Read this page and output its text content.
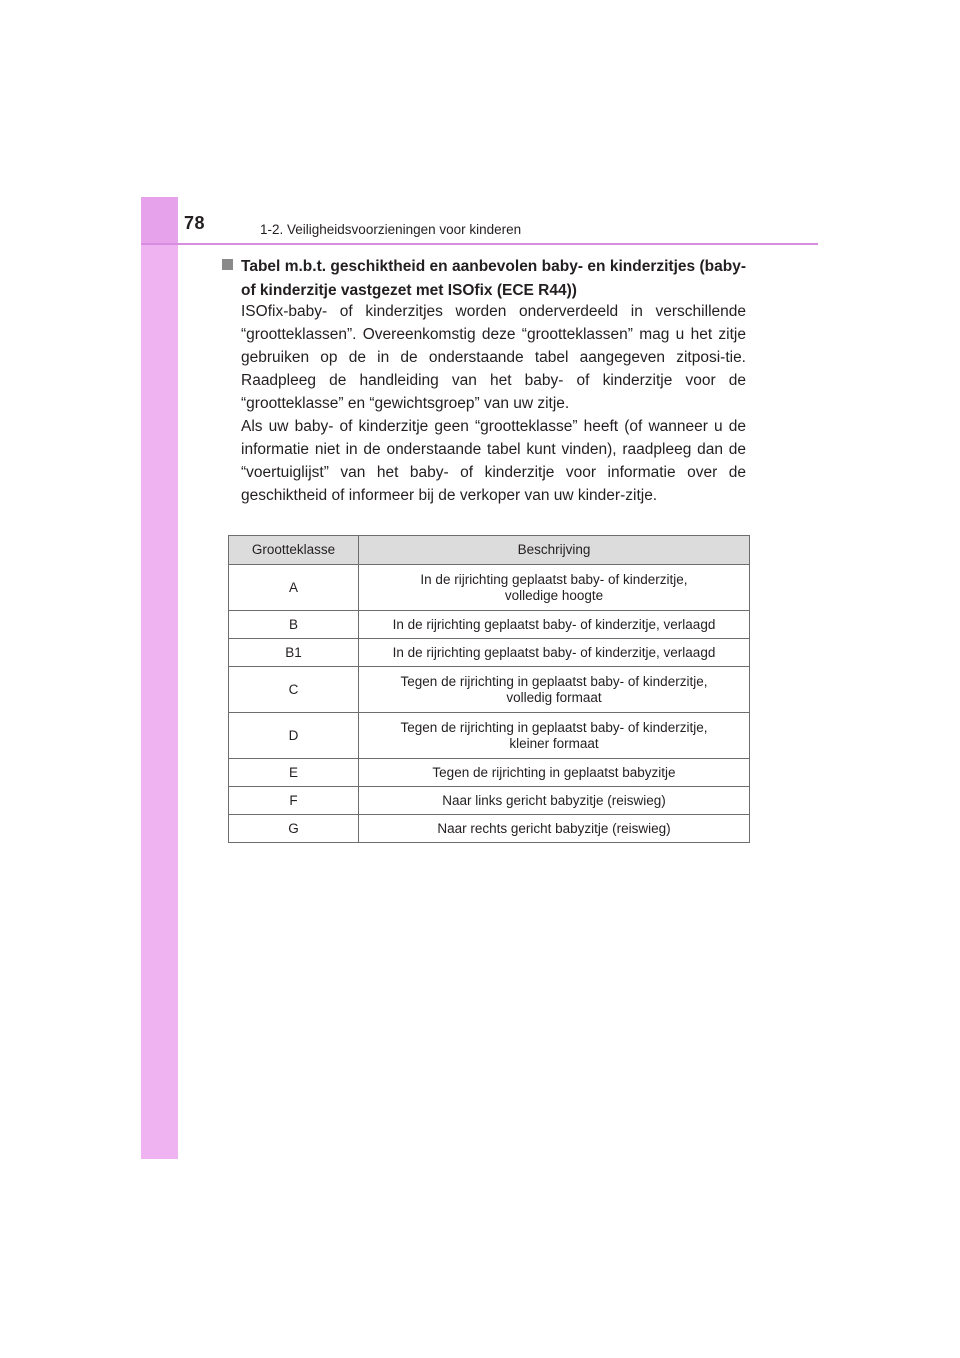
78	1-2. Veiligheidsvoorzieningen voor kinderen
Tabel m.b.t. geschiktheid en aanbevolen baby- en kinderzitjes (baby- of kinderzitje vastgezet met ISOfix (ECE R44))

ISOfix-baby- of kinderzitjes worden onderverdeeld in verschillende “grootteklassen”. Overeenkomstig deze “grootteklassen” mag u het zitje gebruiken op de in de onderstaande tabel aangegeven zitposi-tie. Raadpleeg de handleiding van het baby- of kinderzitje voor de “grootteklasse” en “gewichtsgroep” van uw zitje.

Als uw baby- of kinderzitje geen “grootteklasse” heeft (of wanneer u de informatie niet in de onderstaande tabel kunt vinden), raadpleeg dan de “voertuiglijst” van het baby- of kinderzitje voor informatie over de geschiktheid of informeer bij de verkoper van uw kinder-zitje.

Grootteklasse	Beschrijving
A	In de rijrichting geplaatst baby- of kinderzitje,
volledige hoogte
B	In de rijrichting geplaatst baby- of kinderzitje, verlaagd
B1	In de rijrichting geplaatst baby- of kinderzitje, verlaagd
C	Tegen de rijrichting in geplaatst baby- of kinderzitje,
volledig formaat
D	Tegen de rijrichting in geplaatst baby- of kinderzitje,
kleiner formaat
E	Tegen de rijrichting in geplaatst babyzitje
F	Naar links gericht babyzitje (reiswieg)
G	Naar rechts gericht babyzitje (reiswieg)
